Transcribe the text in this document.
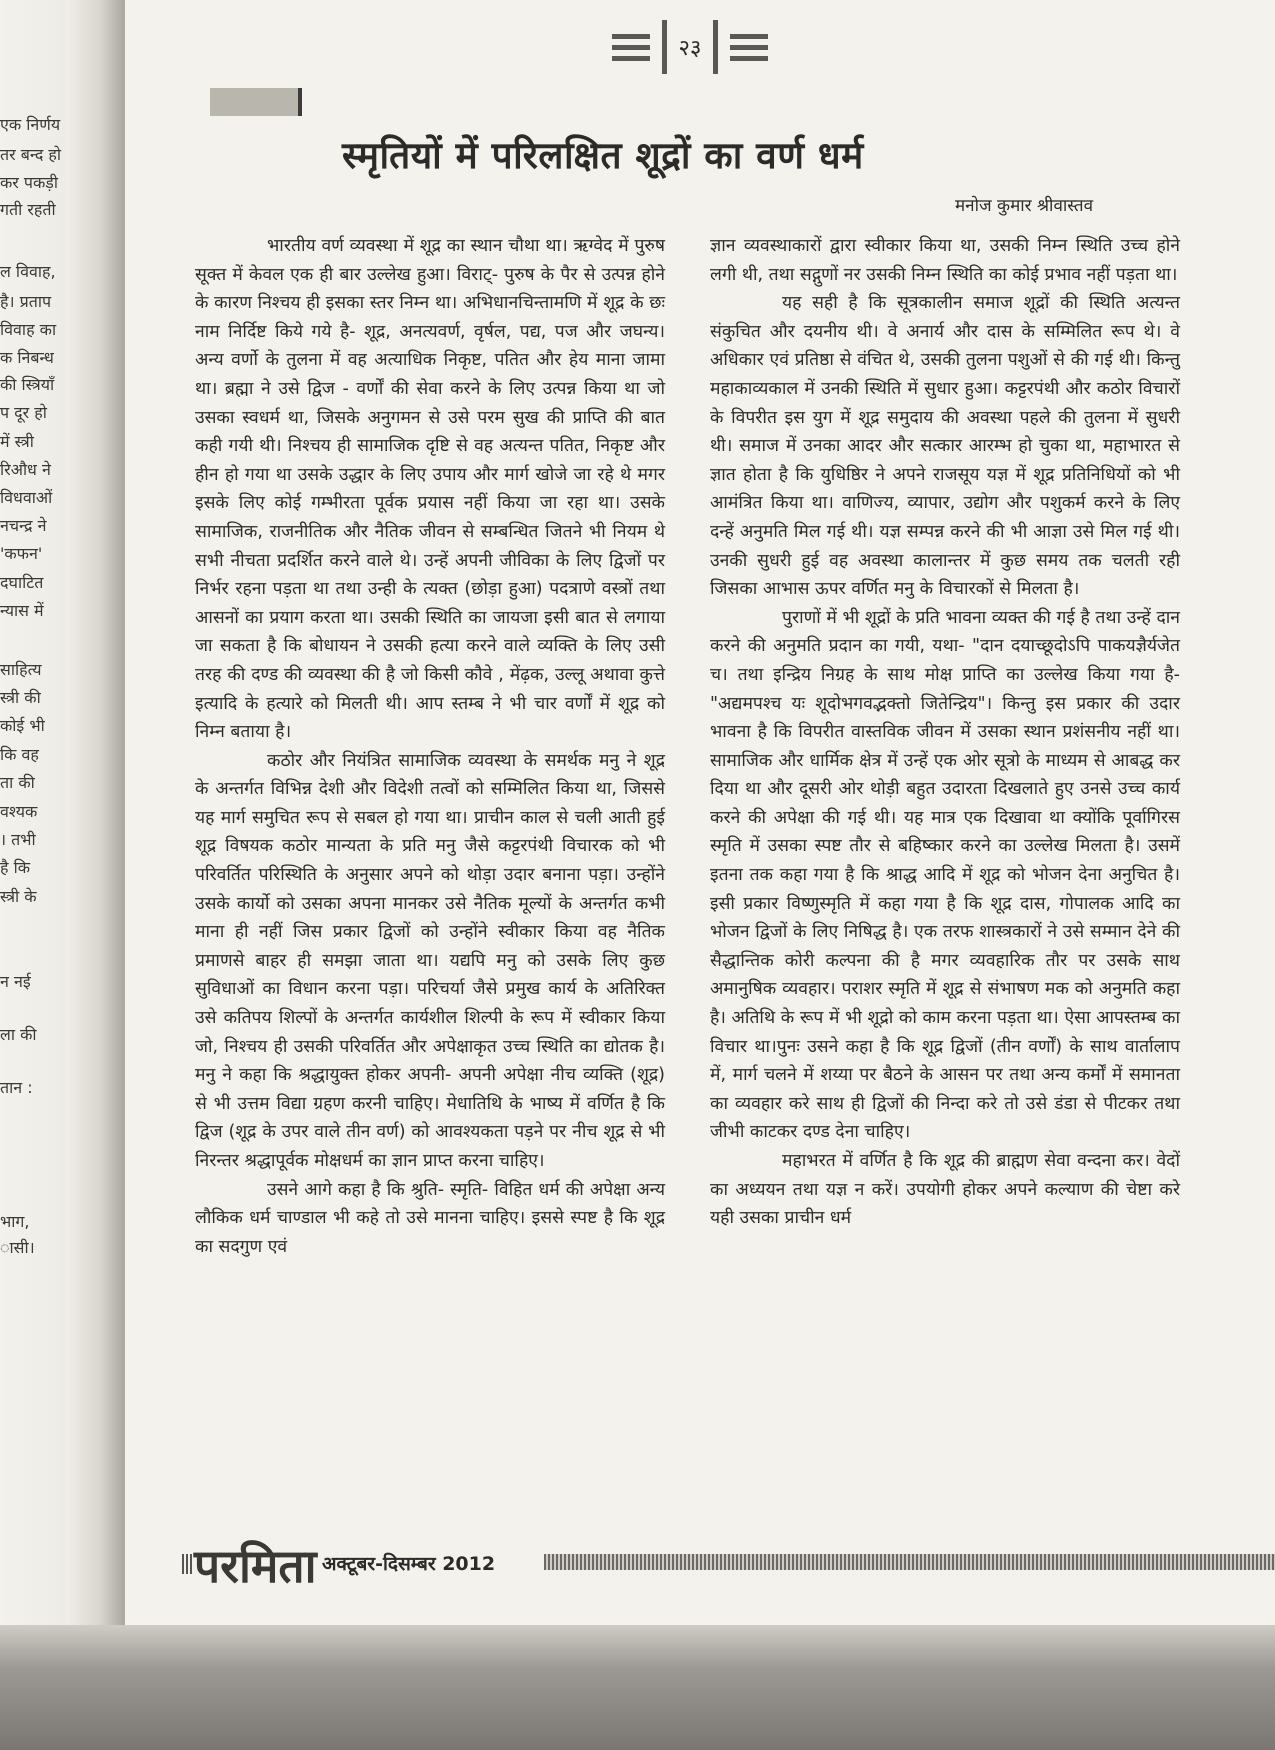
एक निर्णय
तर बन्द हो
कर पकड़ी
गती रहती
ल विवाह,
है। प्रताप
विवाह का
क निबन्ध
की स्त्रियाँ
प दूर हो
में स्त्री
रिऔध ने
विधवाओं
नचन्द्र ने
'कफन'
दघाटित
न्यास में
साहित्य
स्त्री की
कोई भी
कि वह
ता की
वश्यक
। तभी
है कि
स्त्री के
न नई
ला की
तान :
भाग,
ासी।
२३
स्मृतियों में परिलक्षित शूद्रों का वर्ण धर्म
मनोज कुमार श्रीवास्तव

भारतीय वर्ण व्यवस्था में शूद्र का स्थान चौथा था। ऋग्वेद में पुरुष सूक्त में केवल एक ही बार उल्लेख हुआ। विराट्- पुरुष के पैर से उत्पन्न होने के कारण निश्चय ही इसका स्तर निम्न था। अभिधानचिन्तामणि में शूद्र के छः नाम निर्दिष्ट किये गये है- शूद्र, अनत्यवर्ण, वृर्षल, पद्य, पज और जघन्य। अन्य वर्णो के तुलना में वह अत्याधिक निकृष्ट, पतित और हेय माना जामा था। ब्रह्मा ने उसे द्विज - वर्णों की सेवा करने के लिए उत्पन्न किया था जो उसका स्वधर्म था, जिसके अनुगमन से उसे परम सुख की प्राप्ति की बात कही गयी थी। निश्चय ही सामाजिक दृष्टि से वह अत्यन्त पतित, निकृष्ट और हीन हो गया था उसके उद्धार के लिए उपाय और मार्ग खोजे जा रहे थे मगर इसके लिए कोई गम्भीरता पूर्वक प्रयास नहीं किया जा रहा था। उसके सामाजिक, राजनीतिक और नैतिक जीवन से सम्बन्धित जितने भी नियम थे सभी नीचता प्रदर्शित करने वाले थे। उन्हें अपनी जीविका के लिए द्विजों पर निर्भर रहना पड़ता था तथा उन्ही के त्यक्त (छोड़ा हुआ) पदत्राणे वस्त्रों तथा आसनों का प्रयाग करता था। उसकी स्थिति का जायजा इसी बात से लगाया जा सकता है कि बोधायन ने उसकी हत्या करने वाले व्यक्ति के लिए उसी तरह की दण्ड की व्यवस्था की है जो किसी कौवे , मेंढ़क, उल्लू अथावा कुत्ते इत्यादि के हत्यारे को मिलती थी। आप स्तम्ब ने भी चार वर्णों में शूद्र को निम्न बताया है।

कठोर और नियंत्रित सामाजिक व्यवस्था के समर्थक मनु ने शूद्र के अन्तर्गत विभिन्न देशी और विदेशी तत्वों को सम्मिलित किया था, जिससे यह मार्ग समुचित रूप से सबल हो गया था। प्राचीन काल से चली आती हुई शूद्र विषयक कठोर मान्यता के प्रति मनु जैसे कट्टरपंथी विचारक को भी परिवर्तित परिस्थिति के अनुसार अपने को थोड़ा उदार बनाना पड़ा। उन्होंने उसके कार्यो को उसका अपना मानकर उसे नैतिक मूल्यों के अन्तर्गत कभी माना ही नहीं जिस प्रकार द्विजों को उन्होंने स्वीकार किया वह नैतिक प्रमाणसे बाहर ही समझा जाता था। यद्यपि मनु को उसके लिए कुछ सुविधाओं का विधान करना पड़ा। परिचर्या जैसे प्रमुख कार्य के अतिरिक्त उसे कतिपय शिल्पों के अन्तर्गत कार्यशील शिल्पी के रूप में स्वीकार किया जो, निश्चय ही उसकी परिवर्तित और अपेक्षाकृत उच्च स्थिति का द्योतक है। मनु ने कहा कि श्रद्धायुक्त होकर अपनी- अपनी अपेक्षा नीच व्यक्ति (शूद्र) से भी उत्तम विद्या ग्रहण करनी चाहिए। मेधातिथि के भाष्य में वर्णित है कि द्विज (शूद्र के उपर वाले तीन वर्ण) को आवश्यकता पड़ने पर नीच शूद्र से भी निरन्तर श्रद्धापूर्वक मोक्षधर्म का ज्ञान प्राप्त करना चाहिए।

उसने आगे कहा है कि श्रुति- स्मृति- विहित धर्म की अपेक्षा अन्य लौकिक धर्म चाण्डाल भी कहे तो उसे मानना चाहिए। इससे स्पष्ट है कि शूद्र का सदगुण एवं

ज्ञान व्यवस्थाकारों द्वारा स्वीकार किया था, उसकी निम्न स्थिति उच्च होने लगी थी, तथा सद्गुणों नर उसकी निम्न स्थिति का कोई प्रभाव नहीं पड़ता था।

यह सही है कि सूत्रकालीन समाज शूद्रों की स्थिति अत्यन्त संकुचित और दयनीय थी। वे अनार्य और दास के सम्मिलित रूप थे। वे अधिकार एवं प्रतिष्ठा से वंचित थे, उसकी तुलना पशुओं से की गई थी। किन्तु महाकाव्यकाल में उनकी स्थिति में सुधार हुआ। कट्टरपंथी और कठोर विचारों के विपरीत इस युग में शूद्र समुदाय की अवस्था पहले की तुलना में सुधरी थी। समाज में उनका आदर और सत्कार आरम्भ हो चुका था, महाभारत से ज्ञात होता है कि युधिष्ठिर ने अपने राजसूय यज्ञ में शूद्र प्रतिनिधियों को भी आमंत्रित किया था। वाणिज्य, व्यापार, उद्योग और पशुकर्म करने के लिए दन्हें अनुमति मिल गई थी। यज्ञ सम्पन्न करने की भी आज्ञा उसे मिल गई थी। उनकी सुधरी हुई वह अवस्था कालान्तर में कुछ समय तक चलती रही जिसका आभास ऊपर वर्णित मनु के विचारकों से मिलता है।

पुराणों में भी शूद्रों के प्रति भावना व्यक्त की गई है तथा उन्हें दान करने की अनुमति प्रदान का गयी, यथा- "दान दयाच्छूदोऽपि पाकयज्ञैर्यजेत च। तथा इन्द्रिय निग्रह के साथ मोक्ष प्राप्ति का उल्लेख किया गया है- "अद्यमपश्च यः शूदोभगवद्भक्तो जितेन्द्रिय"। किन्तु इस प्रकार की उदार भावना है कि विपरीत वास्तविक जीवन में उसका स्थान प्रशंसनीय नहीं था। सामाजिक और धार्मिक क्षेत्र में उन्हें एक ओर सूत्रो के माध्यम से आबद्ध कर दिया था और दूसरी ओर थोड़ी बहुत उदारता दिखलाते हुए उनसे उच्च कार्य करने की अपेक्षा की गई थी। यह मात्र एक दिखावा था क्योंकि पूर्वागिरस स्मृति में उसका स्पष्ट तौर से बहिष्कार करने का उल्लेख मिलता है। उसमें इतना तक कहा गया है कि श्राद्ध आदि में शूद्र को भोजन देना अनुचित है। इसी प्रकार विष्णुस्मृति में कहा गया है कि शूद्र दास, गोपालक आदि का भोजन द्विजों के लिए निषिद्ध है। एक तरफ शास्त्रकारों ने उसे सम्मान देने की सैद्धान्तिक कोरी कल्पना की है मगर व्यवहारिक तौर पर उसके साथ अमानुषिक व्यवहार। पराशर स्मृति में शूद्र से संभाषण मक को अनुमति कहा है। अतिथि के रूप में भी शूद्रो को काम करना पड़ता था। ऐसा आपस्तम्ब का विचार था।पुनः उसने कहा है कि शूद्र द्विजों (तीन वर्णों) के साथ वार्तालाप में, मार्ग चलने में शय्या पर बैठने के आसन पर तथा अन्य कर्मों में समानता का व्यवहार करे साथ ही द्विजों की निन्दा करे तो उसे डंडा से पीटकर तथा जीभी काटकर दण्ड देना चाहिए।

महाभरत में वर्णित है कि शूद्र की ब्राह्मण सेवा वन्दना कर। वेदों का अध्ययन तथा यज्ञ न करें। उपयोगी होकर अपने कल्याण की चेष्टा करे यही उसका प्राचीन धर्म

परमिता अक्टूबर-दिसम्बर 2012
